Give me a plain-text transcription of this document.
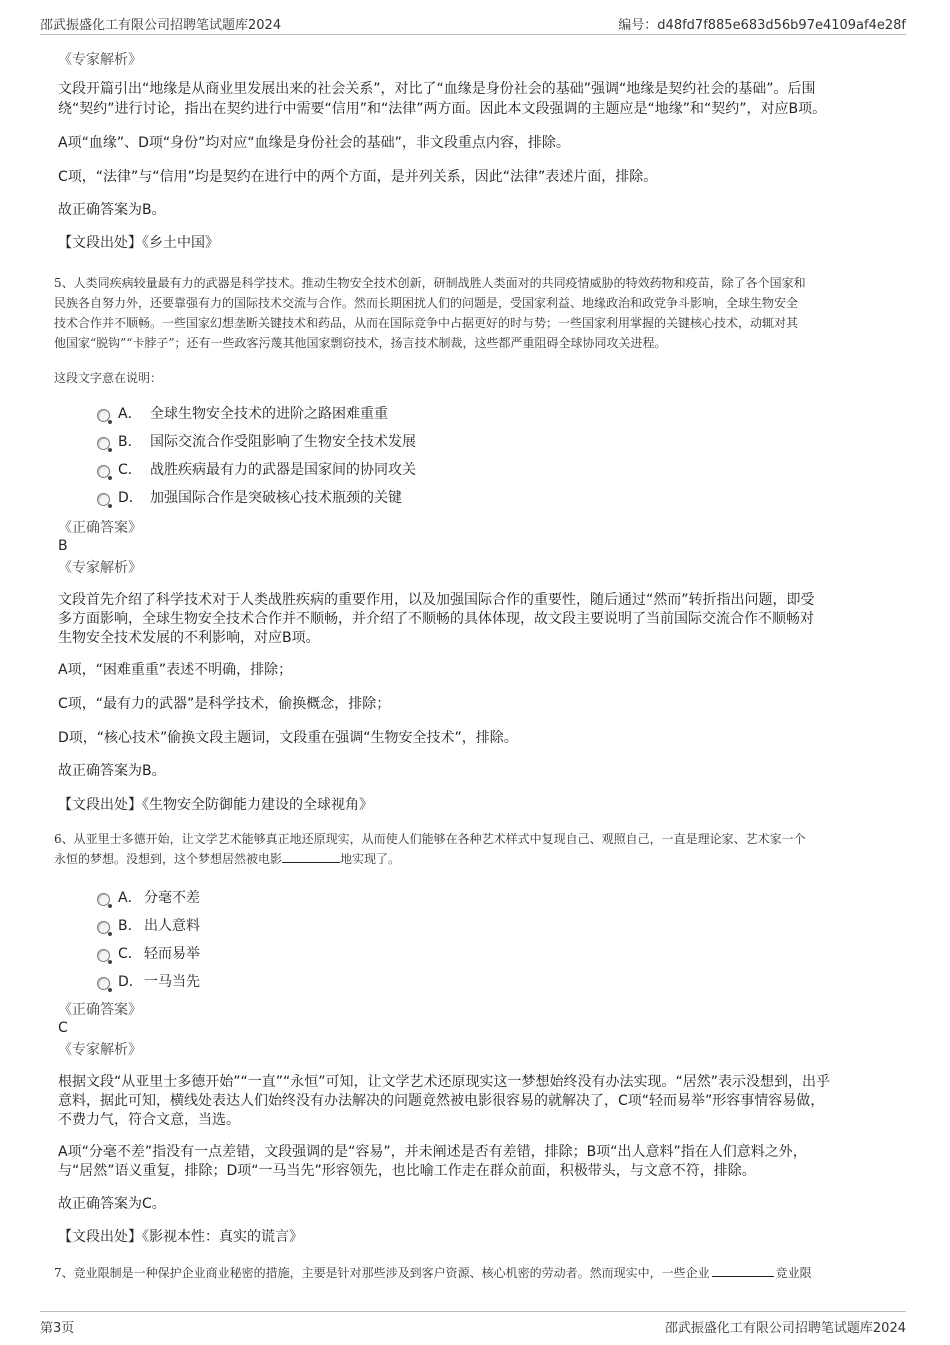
邵武振盛化工有限公司招聘笔试题库2024	编号：d48fd7f885e683d56b97e4109af4e28f
《专家解析》
文段开篇引出“地缘是从商业里发展出来的社会关系”，对比了“血缘是身份社会的基础”强调“地缘是契约社会的基础”。后围
绕“契约”进行讨论，指出在契约进行中需要“信用”和“法律”两方面。因此本文段强调的主题应是“地缘”和“契约”，对应B项。
A项“血缘”、D项“身份”均对应“血缘是身份社会的基础”，非文段重点内容，排除。
C项，“法律”与“信用”均是契约在进行中的两个方面，是并列关系，因此“法律”表述片面，排除。
故正确答案为B。
【文段出处】《乡土中国》
5、人类同疾病较量最有力的武器是科学技术。推动生物安全技术创新，研制战胜人类面对的共同疫情威胁的特效药物和疫苗，除了各个国家和
民族各自努力外，还要靠强有力的国际技术交流与合作。然而长期困扰人们的问题是，受国家利益、地缘政治和政党争斗影响，全球生物安全
技术合作并不顺畅。一些国家幻想垄断关键技术和药品，从而在国际竞争中占据更好的时与势；一些国家利用掌握的关键核心技术，动辄对其
他国家“脱钩”“卡脖子”；还有一些政客污蔑其他国家剽窃技术，扬言技术制裁，这些都严重阻碍全球协同攻关进程。
这段文字意在说明：
A． 全球生物安全技术的进阶之路困难重重
B． 国际交流合作受阻影响了生物安全技术发展
C． 战胜疾病最有力的武器是国家间的协同攻关
D． 加强国际合作是突破核心技术瓶颈的关键
《正确答案》
B
《专家解析》
文段首先介绍了科学技术对于人类战胜疾病的重要作用，以及加强国际合作的重要性，随后通过“然而”转折指出问题，即受
多方面影响，全球生物安全技术合作并不顺畅，并介绍了不顺畅的具体体现，故文段主要说明了当前国际交流合作不顺畅对
生物安全技术发展的不利影响，对应B项。
A项，“困难重重”表述不明确，排除；
C项，“最有力的武器”是科学技术，偷换概念，排除；
D项，“核心技术”偷换文段主题词，文段重在强调“生物安全技术”，排除。
故正确答案为B。
【文段出处】《生物安全防御能力建设的全球视角》
6、从亚里士多德开始，让文学艺术能够真正地还原现实，从而使人们能够在各种艺术样式中复现自己、观照自己，一直是理论家、艺术家一个
永恒的梦想。没想到，这个梦想居然被电影	地实现了。
A． 分毫不差
B． 出人意料
C． 轻而易举
D．一马当先
《正确答案》
C
《专家解析》
根据文段“从亚里士多德开始”“一直”“永恒”可知，让文学艺术还原现实这一梦想始终没有办法实现。“居然”表示没想到，出乎
意料，据此可知，横线处表达人们始终没有办法解决的问题竟然被电影很容易的就解决了，C项“轻而易举”形容事情容易做，
不费力气，符合文意，当选。
A项“分毫不差”指没有一点差错，文段强调的是“容易”，并未阐述是否有差错，排除；B项“出人意料”指在人们意料之外，
与“居然”语义重复，排除；D项“一马当先”形容领先，也比喻工作走在群众前面，积极带头，与文意不符，排除。
故正确答案为C。
【文段出处】《影视本性：真实的谎言》
7、竞业限制是一种保护企业商业秘密的措施，主要是针对那些涉及到客户资源、核心机密的劳动者。然而现实中，一些企业	竞业限
第3页	邵武振盛化工有限公司招聘笔试题库2024
